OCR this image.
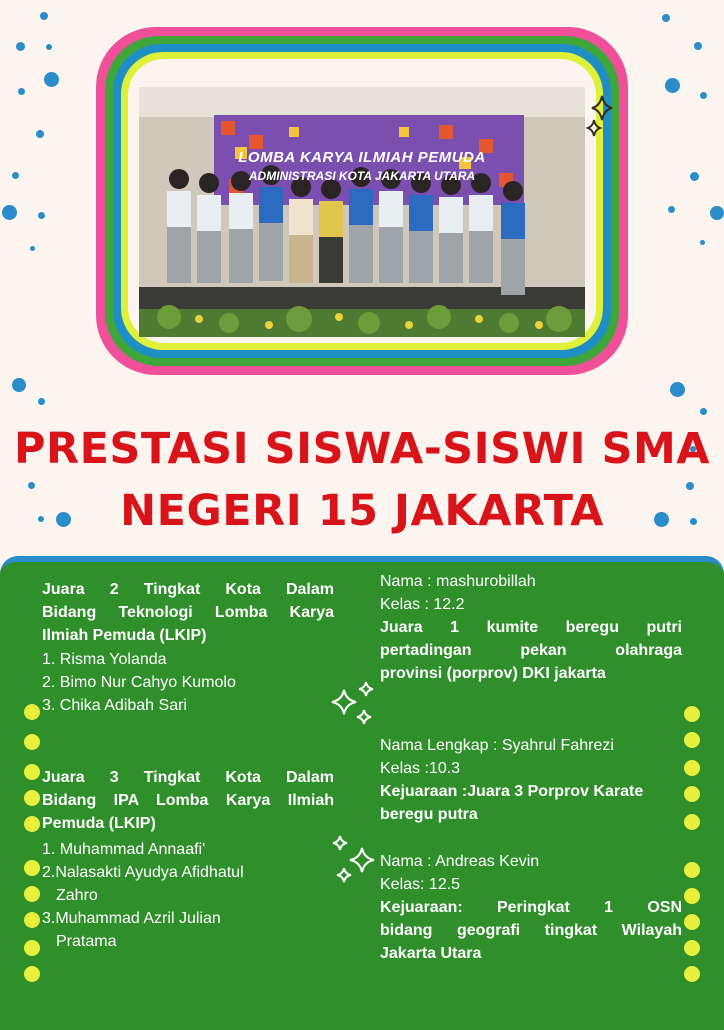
LOMBA KARYA ILMIAH PEMUDA
ADMINISTRASI KOTA JAKARTA UTARA
PRESTASI SISWA-SISWI SMA
NEGERI 15 JAKARTA
Juara 2 Tingkat Kota Dalam
Bidang Teknologi Lomba Karya
Ilmiah Pemuda (LKIP)
1. Risma Yolanda
2. Bimo Nur Cahyo Kumolo
3. Chika Adibah Sari
Juara 3 Tingkat Kota Dalam
Bidang IPA Lomba Karya Ilmiah
Pemuda (LKIP)
1. Muhammad Annaafi'
2.Nalasakti Ayudya Afidhatul
Zahro
3.Muhammad Azril Julian
Pratama
Nama : mashurobillah
Kelas : 12.2
Juara 1 kumite beregu putri
pertadingan pekan olahraga
provinsi (porprov) DKI jakarta
Nama Lengkap : Syahrul Fahrezi
Kelas :10.3
Kejuaraan :Juara 3 Porprov Karate
beregu putra
Nama : Andreas Kevin
Kelas: 12.5
Kejuaraan: Peringkat 1 OSN
bidang geografi tingkat Wilayah
Jakarta Utara
